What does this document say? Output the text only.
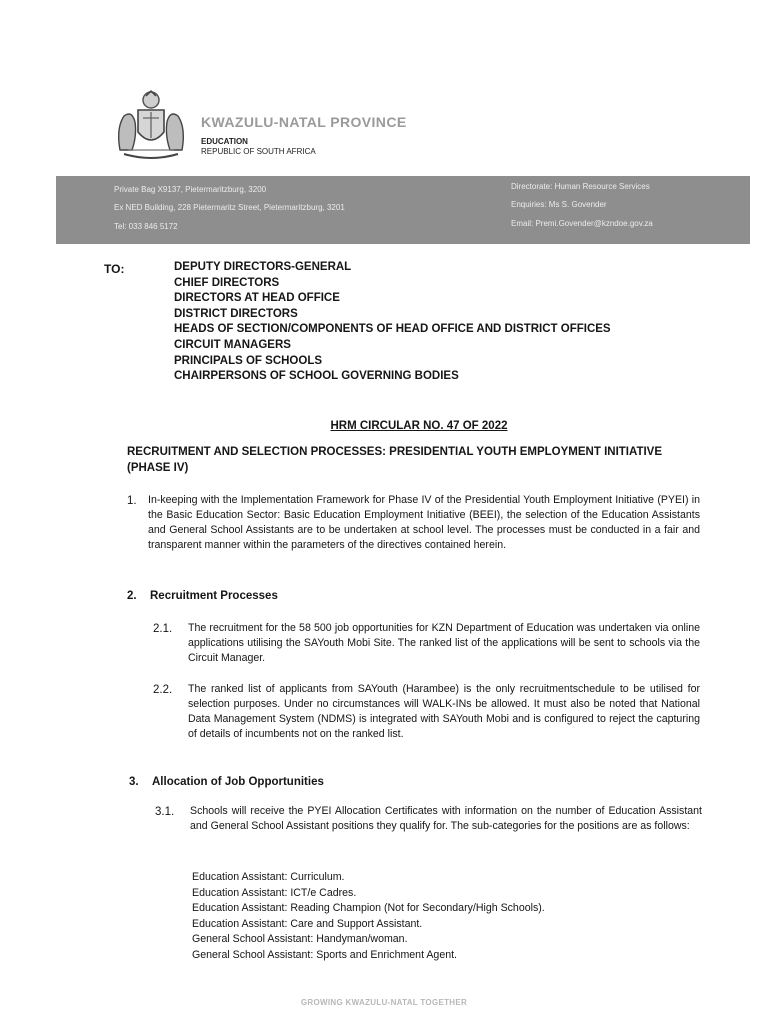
KWAZULU-NATAL PROVINCE
EDUCATION
REPUBLIC OF SOUTH AFRICA
Private Bag X9137, Pietermaritzburg, 3200
Ex NED Building, 228 Pietermaritz Street, Pietermaritzburg, 3201
Tel: 033 846 5172
Directorate: Human Resource Services
Enquiries: Ms S. Govender
Email: Premi.Govender@kzndoe.gov.za
TO:	DEPUTY DIRECTORS-GENERAL
CHIEF DIRECTORS
DIRECTORS AT HEAD OFFICE
DISTRICT DIRECTORS
HEADS OF SECTION/COMPONENTS OF HEAD OFFICE AND DISTRICT OFFICES
CIRCUIT MANAGERS
PRINCIPALS OF SCHOOLS
CHAIRPERSONS OF SCHOOL GOVERNING BODIES
HRM CIRCULAR NO. 47 OF 2022
RECRUITMENT AND SELECTION PROCESSES: PRESIDENTIAL YOUTH EMPLOYMENT INITIATIVE (PHASE IV)
1. In-keeping with the Implementation Framework for Phase IV of the Presidential Youth Employment Initiative (PYEI) in the Basic Education Sector: Basic Education Employment Initiative (BEEI), the selection of the Education Assistants and General School Assistants are to be undertaken at school level. The processes must be conducted in a fair and transparent manner within the parameters of the directives contained herein.
2. Recruitment Processes
2.1. The recruitment for the 58 500 job opportunities for KZN Department of Education was undertaken via online applications utilising the SAYouth Mobi Site. The ranked list of the applications will be sent to schools via the Circuit Manager.
2.2. The ranked list of applicants from SAYouth (Harambee) is the only recruitmentschedule to be utilised for selection purposes. Under no circumstances will WALK-INs be allowed. It must also be noted that National Data Management System (NDMS) is integrated with SAYouth Mobi and is configured to reject the capturing of details of incumbents not on the ranked list.
3. Allocation of Job Opportunities
3.1. Schools will receive the PYEI Allocation Certificates with information on the number of Education Assistant and General School Assistant positions they qualify for. The sub-categories for the positions are as follows:
Education Assistant: Curriculum.
Education Assistant: ICT/e Cadres.
Education Assistant: Reading Champion (Not for Secondary/High Schools).
Education Assistant: Care and Support Assistant.
General School Assistant: Handyman/woman.
General School Assistant: Sports and Enrichment Agent.
GROWING KWAZULU-NATAL TOGETHER
